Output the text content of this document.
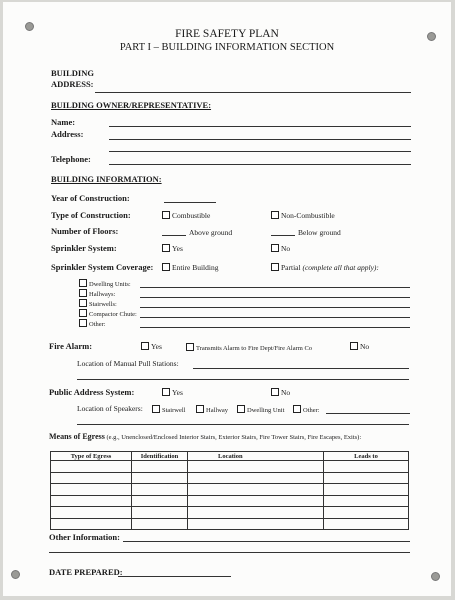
FIRE SAFETY PLAN
PART I – BUILDING INFORMATION SECTION
BUILDING
ADDRESS:
BUILDING OWNER/REPRESENTATIVE:
Name:
Address:
Telephone:
BUILDING INFORMATION:
Year of Construction:
Type of Construction:	Combustible	Non-Combustible
Number of Floors:	Above ground	Below ground
Sprinkler System:	Yes	No
Sprinkler System Coverage:	Entire Building	Partial (complete all that apply):
Dwelling Units:
Hallways:
Stairwells:
Compactor Chute:
Other:
Fire Alarm:	Yes	Transmits Alarm to Fire Dept/Fire Alarm Co	No
Location of Manual Pull Stations:
Public Address System:	Yes	No
Location of Speakers:	Stairwell	Hallway	Dwelling Unit	Other:
Means of Egress (e.g., Unenclosed/Enclosed Interior Stairs, Exterior Stairs, Fire Tower Stairs, Fire Escapes, Exits):
Type of Egress	Identification	Location	Leads to

Other Information:
DATE PREPARED:
